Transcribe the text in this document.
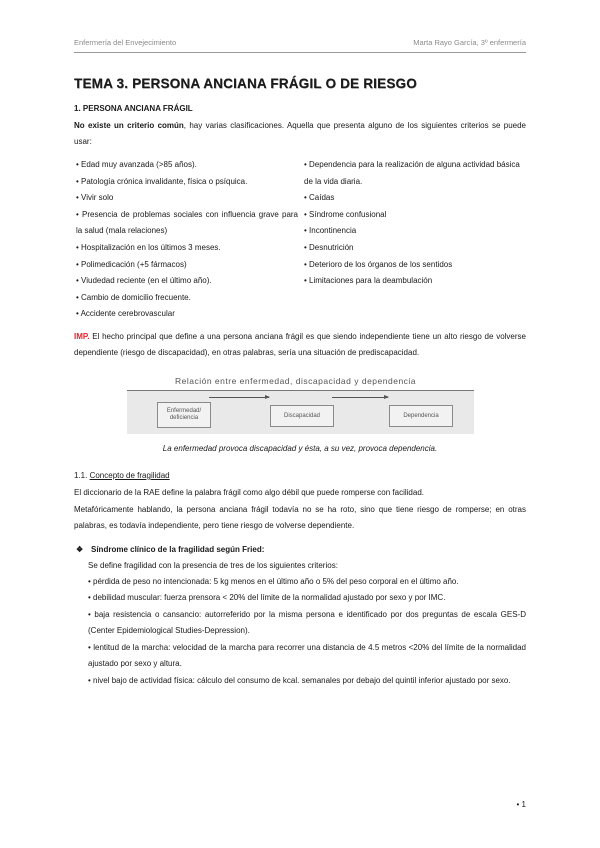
Enfermería del Envejecimiento	Marta Rayo García, 3º enfermería
TEMA 3. PERSONA ANCIANA FRÁGIL O DE RIESGO
1. PERSONA ANCIANA FRÁGIL
No existe un criterio común, hay varias clasificaciones. Aquella que presenta alguno de los siguientes criterios se puede usar:
• Edad muy avanzada (>85 años).
• Patología crónica invalidante, física o psíquica.
• Vivir solo
• Presencia de problemas sociales con influencia grave para la salud (mala relaciones)
• Hospitalización en los últimos 3 meses.
• Polimedicación (+5 fármacos)
• Viudedad reciente (en el último año).
• Cambio de domicilio frecuente.
• Accidente cerebrovascular
• Dependencia para la realización de alguna actividad básica de la vida diaria.
• Caídas
• Síndrome confusional
• Incontinencia
• Desnutrición
• Deterioro de los órganos de los sentidos
• Limitaciones para la deambulación
IMP. El hecho principal que define a una persona anciana frágil es que siendo independiente tiene un alto riesgo de volverse dependiente (riesgo de discapacidad), en otras palabras, sería una situación de prediscapacidad.
Relación entre enfermedad, discapacidad y dependencia
Enfermedad/
deficiencia	Discapacidad	Dependencia
La enfermedad provoca discapacidad y ésta, a su vez, provoca dependencia.
1.1. Concepto de fragilidad
El diccionario de la RAE define la palabra frágil como algo débil que puede romperse con facilidad.
Metafóricamente hablando, la persona anciana frágil todavía no se ha roto, sino que tiene riesgo de romperse; en otras palabras, es todavía independiente, pero tiene riesgo de volverse dependiente.
❖ Síndrome clínico de la fragilidad según Fried:
Se define fragilidad con la presencia de tres de los siguientes criterios:
• pérdida de peso no intencionada: 5 kg menos en el último año o 5% del peso corporal en el último año.
• debilidad muscular: fuerza prensora < 20% del límite de la normalidad ajustado por sexo y por IMC.
• baja resistencia o cansancio: autorreferido por la misma persona e identificado por dos preguntas de escala GES-D (Center Epidemiological Studies-Depression).
• lentitud de la marcha: velocidad de la marcha para recorrer una distancia de 4.5 metros <20% del límite de la normalidad ajustado por sexo y altura.
• nivel bajo de actividad física: cálculo del consumo de kcal. semanales por debajo del quintil inferior ajustado por sexo.
• 1
